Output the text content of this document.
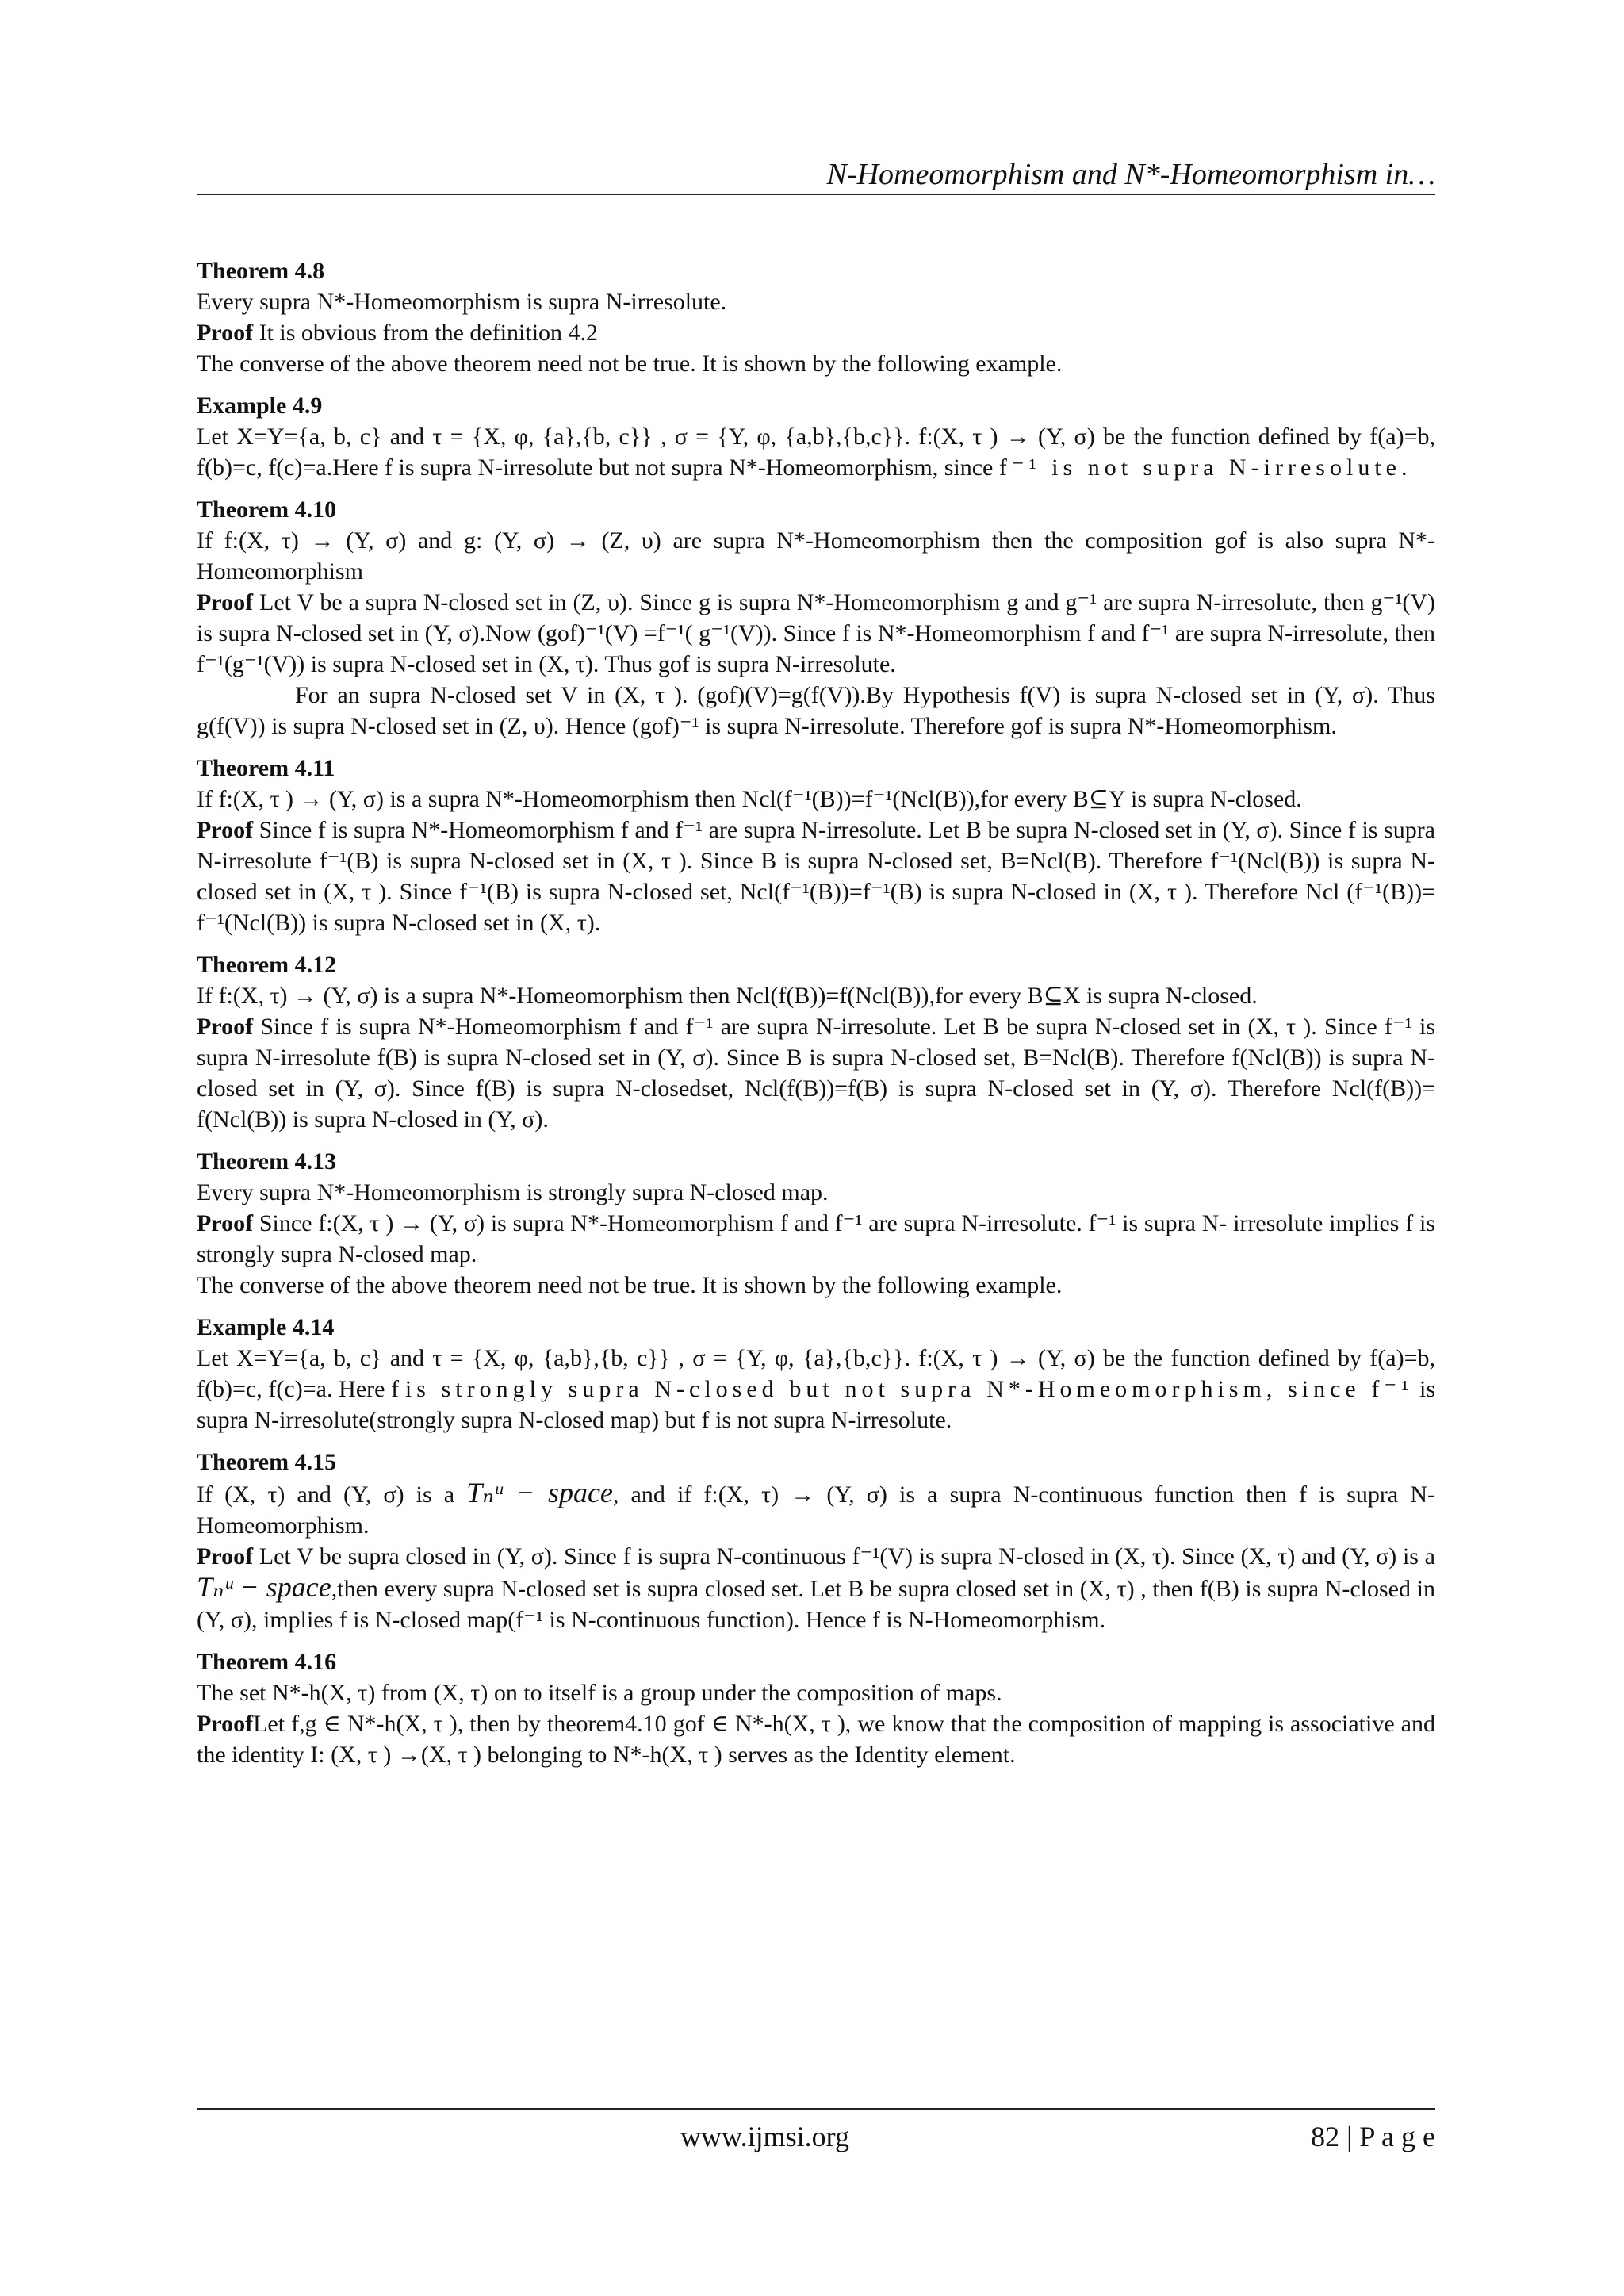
N-Homeomorphism and N*-Homeomorphism in…

Theorem 4.8

Every supra N*-Homeomorphism is supra N-irresolute.

Proof It is obvious from the definition 4.2

The converse of the above theorem need not be true. It is shown by the following example.

Example 4.9

Let X=Y={a, b, c} and τ = {X, φ, {a},{b, c}} , σ = {Y, φ, {a,b},{b,c}}. f:(X, τ ) → (Y, σ) be the function defined by f(a)=b, f(b)=c, f(c)=a.Here f is supra N-irresolute but not supra N*-Homeomorphism, since f⁻¹ is not supra N-irresolute.

Theorem 4.10

If f:(X, τ) → (Y, σ) and g: (Y, σ) → (Z, υ) are supra N*-Homeomorphism then the composition gof is also supra N*-Homeomorphism

Proof Let V be a supra N-closed set in (Z, υ). Since g is supra N*-Homeomorphism g and g⁻¹ are supra N-irresolute, then g⁻¹(V) is supra N-closed set in (Y, σ).Now (gof)⁻¹(V) =f⁻¹( g⁻¹(V)). Since f is N*-Homeomorphism f and f⁻¹ are supra N-irresolute, then f⁻¹(g⁻¹(V)) is supra N-closed set in (X, τ). Thus gof is supra N-irresolute.

For an supra N-closed set V in (X, τ ). (gof)(V)=g(f(V)).By Hypothesis f(V) is supra N-closed set in (Y, σ). Thus g(f(V)) is supra N-closed set in (Z, υ). Hence (gof)⁻¹ is supra N-irresolute. Therefore gof is supra N*-Homeomorphism.

Theorem 4.11

If f:(X, τ ) → (Y, σ) is a supra N*-Homeomorphism then Ncl(f⁻¹(B))=f⁻¹(Ncl(B)),for every B⊆Y is supra N-closed.

Proof Since f is supra N*-Homeomorphism f and f⁻¹ are supra N-irresolute. Let B be supra N-closed set in (Y, σ). Since f is supra N-irresolute f⁻¹(B) is supra N-closed set in (X, τ ). Since B is supra N-closed set, B=Ncl(B). Therefore f⁻¹(Ncl(B)) is supra N-closed set in (X, τ ). Since f⁻¹(B) is supra N-closed set, Ncl(f⁻¹(B))=f⁻¹(B) is supra N-closed in (X, τ ). Therefore Ncl (f⁻¹(B))= f⁻¹(Ncl(B)) is supra N-closed set in (X, τ).

Theorem 4.12

If f:(X, τ) → (Y, σ) is a supra N*-Homeomorphism then Ncl(f(B))=f(Ncl(B)),for every B⊆X is supra N-closed.

Proof Since f is supra N*-Homeomorphism f and f⁻¹ are supra N-irresolute. Let B be supra N-closed set in (X, τ ). Since f⁻¹ is supra N-irresolute f(B) is supra N-closed set in (Y, σ). Since B is supra N-closed set, B=Ncl(B). Therefore f(Ncl(B)) is supra N-closed set in (Y, σ). Since f(B) is supra N-closedset, Ncl(f(B))=f(B) is supra N-closed set in (Y, σ). Therefore Ncl(f(B))= f(Ncl(B)) is supra N-closed in (Y, σ).

Theorem 4.13

Every supra N*-Homeomorphism is strongly supra N-closed map.

Proof Since f:(X, τ ) → (Y, σ) is supra N*-Homeomorphism f and f⁻¹ are supra N-irresolute. f⁻¹ is supra N- irresolute implies f is strongly supra N-closed map.

The converse of the above theorem need not be true. It is shown by the following example.

Example 4.14

Let X=Y={a, b, c} and τ = {X, φ, {a,b},{b, c}} , σ = {Y, φ, {a},{b,c}}. f:(X, τ ) → (Y, σ) be the function defined by f(a)=b, f(b)=c, f(c)=a. Here f is strongly supra N-closed but not supra N*-Homeomorphism, since f⁻¹ is supra N-irresolute(strongly supra N-closed map) but f is not supra N-irresolute.

Theorem 4.15

If (X, τ) and (Y, σ) is a Tₙᵘ − space, and if f:(X, τ) → (Y, σ) is a supra N-continuous function then f is supra N-Homeomorphism.

Proof Let V be supra closed in (Y, σ). Since f is supra N-continuous f⁻¹(V) is supra N-closed in (X, τ). Since (X, τ) and (Y, σ) is a Tₙᵘ − space,then every supra N-closed set is supra closed set. Let B be supra closed set in (X, τ) , then f(B) is supra N-closed in (Y, σ), implies f is N-closed map(f⁻¹ is N-continuous function). Hence f is N-Homeomorphism.

Theorem 4.16

The set N*-h(X, τ) from (X, τ) on to itself is a group under the composition of maps.

ProofLet f,g ∈ N*-h(X, τ ), then by theorem4.10 gof ∈ N*-h(X, τ ), we know that the composition of mapping is associative and the identity I: (X, τ ) →(X, τ ) belonging to N*-h(X, τ ) serves as the Identity element.

www.ijmsi.org	82 | P a g e
